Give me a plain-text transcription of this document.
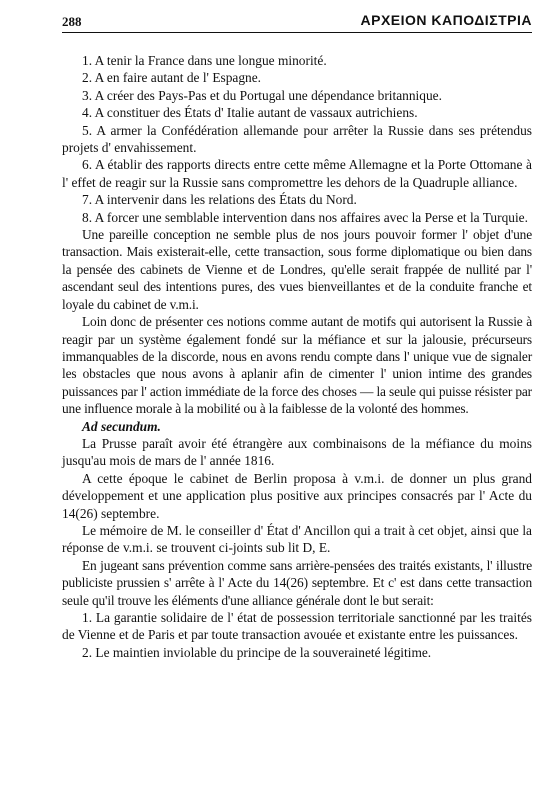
288	ΑΡΧΕΙΟΝ ΚΑΠΟΔΙΣΤΡΙΑ

1. A tenir la France dans une longue minorité.

2. A en faire autant de l' Espagne.

3. A créer des Pays-Pas et du Portugal une dépendance britannique.

4. A constituer des États d' Italie autant de vassaux autrichiens.

5. A armer la Confédération allemande pour arrêter la Russie dans ses prétendus projets d' envahissement.

6. A établir des rapports directs entre cette même Allemagne et la Porte Ottomane à l' effet de reagir sur la Russie sans compromettre les dehors de la Quadruple alliance.

7. A intervenir dans les relations des États du Nord.

8. A forcer une semblable intervention dans nos affaires avec la Perse et la Turquie.

Une pareille conception ne semble plus de nos jours pouvoir former l' objet d'une transaction. Mais existerait-elle, cette transaction, sous forme diplomatique ou bien dans la pensée des cabinets de Vienne et de Londres, qu'elle serait frappée de nullité par l' ascendant seul des intentions pures, des vues bienveillantes et de la conduite franche et loyale du cabinet de v.m.i.

Loin donc de présenter ces notions comme autant de motifs qui autorisent la Russie à reagir par un système également fondé sur la méfiance et sur la jalousie, précurseurs immanquables de la discorde, nous en avons rendu compte dans l' unique vue de signaler les obstacles que nous avons à aplanir afin de cimenter l' union intime des grandes puissances par l' action immédiate de la force des choses — la seule qui puisse résister par une influence morale à la mobilité ou à la faiblesse de la volonté des hommes.

Ad secundum.

La Prusse paraît avoir été étrangère aux combinaisons de la méfiance du moins jusqu'au mois de mars de l' année 1816.

A cette époque le cabinet de Berlin proposa à v.m.i. de donner un plus grand développement et une application plus positive aux principes consacrés par l' Acte du 14(26) septembre.

Le mémoire de M. le conseiller d' État d' Ancillon qui a trait à cet objet, ainsi que la réponse de v.m.i. se trouvent ci-joints sub lit D, E.

En jugeant sans prévention comme sans arrière-pensées des traités existants, l' illustre publiciste prussien s' arrête à l' Acte du 14(26) septembre. Et c' est dans cette transaction seule qu'il trouve les éléments d'une alliance générale dont le but serait:

1. La garantie solidaire de l' état de possession territoriale sanctionné par les traités de Vienne et de Paris et par toute transaction avouée et existante entre les puissances.

2. Le maintien inviolable du principe de la souveraineté légitime.
